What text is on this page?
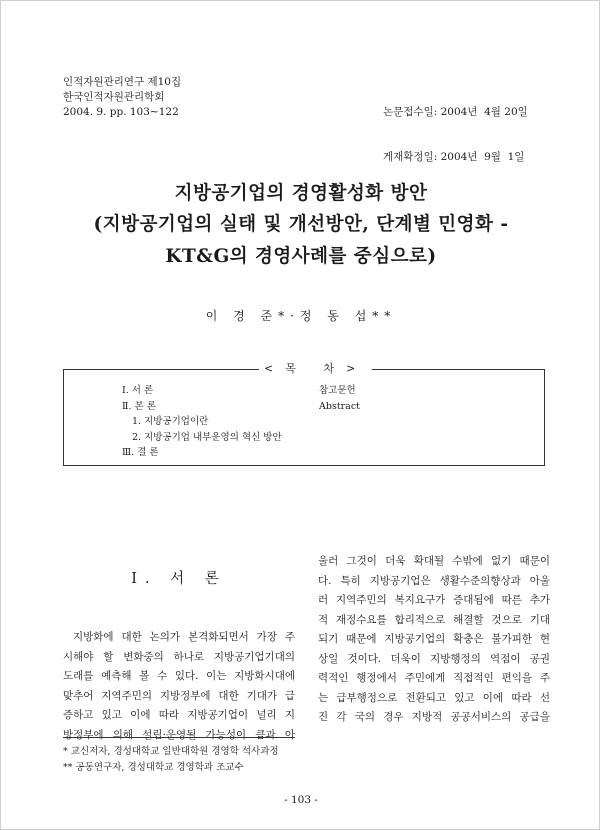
인적자원관리연구 제10집
한국인적자원관리학회
2004. 9. pp. 103∼122

	논문접수일: 2004년  4월 20일

게재확정일: 2004년  9월  1일

지방공기업의 경영활성화 방안
(지방공기업의 실태 및 개선방안, 단계별 민영화 -
KT&G의 경영사례를 중심으로)
이 경 준*·정 동 섭**
<목 차>
Ⅰ. 서 론
Ⅱ. 본 론
1. 지방공기업이란
2. 지방공기업 내부운영의 혁신 방안
Ⅲ. 결 론
참고문헌
Abstract
Ⅰ. 서 론
지방화에 대한 논의가 본격화되면서 가장 주
시해야 할 변화중의 하나로 지방공기업기대의
도래를 예측해 볼 수 있다. 이는 지방화시대에
맞추어 지역주민의 지방정부에 대한 기대가 급
증하고 있고 이에 따라 지방공기업이 널리 지
방정부에 의해 설립·운영될 가능성이 큼과 아
울러 그것이 더욱 확대될 수밖에 없기 때문이
다. 특히 지방공기업은 생활수준의향상과 아울
러 지역주민의 복지요구가 증대됨에 따른 추가
적 재정수요를 합리적으로 해결할 것으로 기대
되기 때문에 지방공기업의 확충은 불가피한 현
상일 것이다. 더욱이 지방행정의 역점이 공권
력적인 행정에서 주민에게 직접적인 편익을 주
는 급부행정으로 전환되고 있고 이에 따라 선
진 각 국의 경우 지방적 공공서비스의 공급을
* 교신저자, 경성대학교 일반대학원 경영학 석사과정
** 공동연구자, 경성대학교 경영학과 조교수
- 103 -
